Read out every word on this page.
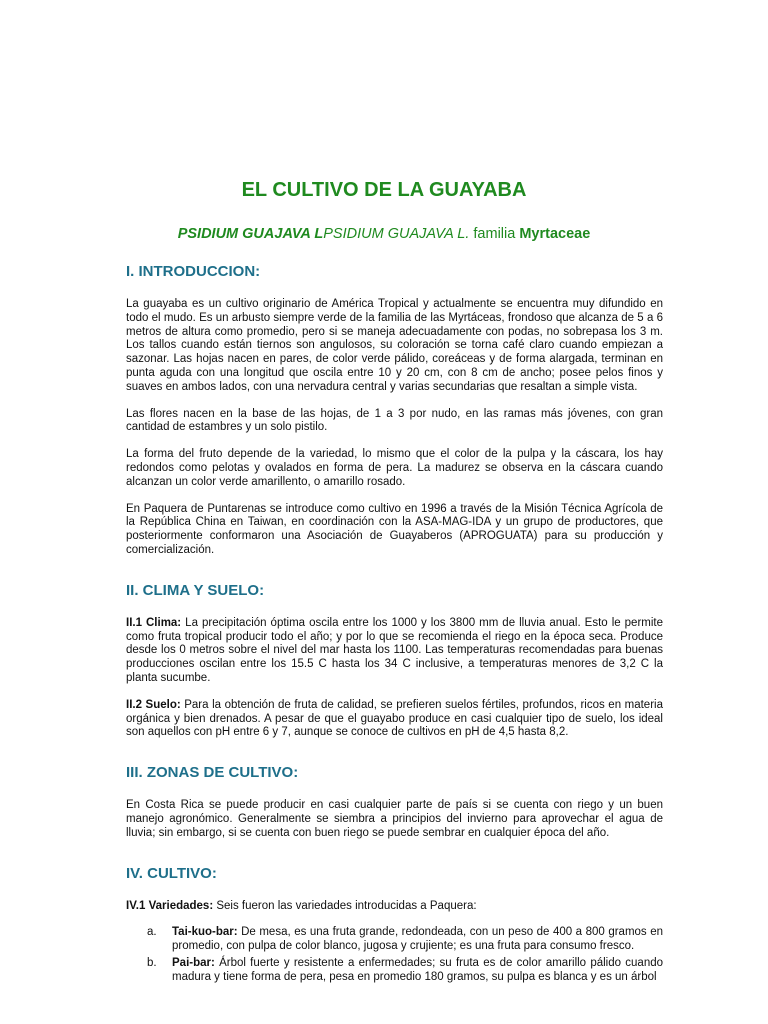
EL CULTIVO DE LA GUAYABA
PSIDIUM GUAJAVA LPSIDIUM GUAJAVA L. familia Myrtaceae
I. INTRODUCCION:

La guayaba es un cultivo originario de América Tropical y actualmente se encuentra muy difundido en todo el mudo. Es un arbusto siempre verde de la familia de las Myrtáceas, frondoso que alcanza de 5 a 6 metros de altura como promedio, pero si se maneja adecuadamente con podas, no sobrepasa los 3 m. Los tallos cuando están tiernos son angulosos, su coloración se torna café claro cuando empiezan a sazonar. Las hojas nacen en pares, de color verde pálido, coreáceas y de forma alargada, terminan en punta aguda con una longitud que oscila entre 10 y 20 cm, con 8 cm de ancho; posee pelos finos y suaves en ambos lados, con una nervadura central y varias secundarias que resaltan a simple vista.

Las flores nacen en la base de las hojas, de 1 a 3 por nudo, en las ramas más jóvenes, con gran cantidad de estambres y un solo pistilo.

La forma del fruto depende de la variedad, lo mismo que el color de la pulpa y la cáscara, los hay redondos como pelotas y ovalados en forma de pera. La madurez se observa en la cáscara cuando alcanzan un color verde amarillento, o amarillo rosado.

En Paquera de Puntarenas se introduce como cultivo en 1996 a través de la Misión Técnica Agrícola de la República China en Taiwan, en coordinación con la ASA-MAG-IDA y un grupo de productores, que posteriormente conformaron una Asociación de Guayaberos (APROGUATA) para su producción y comercialización.

II. CLIMA Y SUELO:

II.1 Clima: La precipitación óptima oscila entre los 1000 y los 3800 mm de lluvia anual. Esto le permite como fruta tropical producir todo el año; y por lo que se recomienda el riego en la época seca. Produce desde los 0 metros sobre el nivel del mar hasta los 1100. Las temperaturas recomendadas para buenas producciones oscilan entre los 15.5 C hasta los 34 C inclusive, a temperaturas menores de 3,2 C la planta sucumbe.

II.2 Suelo: Para la obtención de fruta de calidad, se prefieren suelos fértiles, profundos, ricos en materia orgánica y bien drenados. A pesar de que el guayabo produce en casi cualquier tipo de suelo, los ideal son aquellos con pH entre 6 y 7, aunque se conoce de cultivos en pH de 4,5 hasta 8,2.

III. ZONAS DE CULTIVO:

En Costa Rica se puede producir en casi cualquier parte de país si se cuenta con riego y un buen manejo agronómico. Generalmente se siembra a principios del invierno para aprovechar el agua de lluvia; sin embargo, si se cuenta con buen riego se puede sembrar en cualquier época del año.

IV. CULTIVO:

IV.1 Variedades: Seis fueron las variedades introducidas a Paquera:

a. Tai-kuo-bar: De mesa, es una fruta grande, redondeada, con un peso de 400 a 800 gramos en promedio, con pulpa de color blanco, jugosa y crujiente; es una fruta para consumo fresco.
b. Pai-bar: Árbol fuerte y resistente a enfermedades; su fruta es de color amarillo pálido cuando madura y tiene forma de pera, pesa en promedio 180 gramos, su pulpa es blanca y es un árbol
